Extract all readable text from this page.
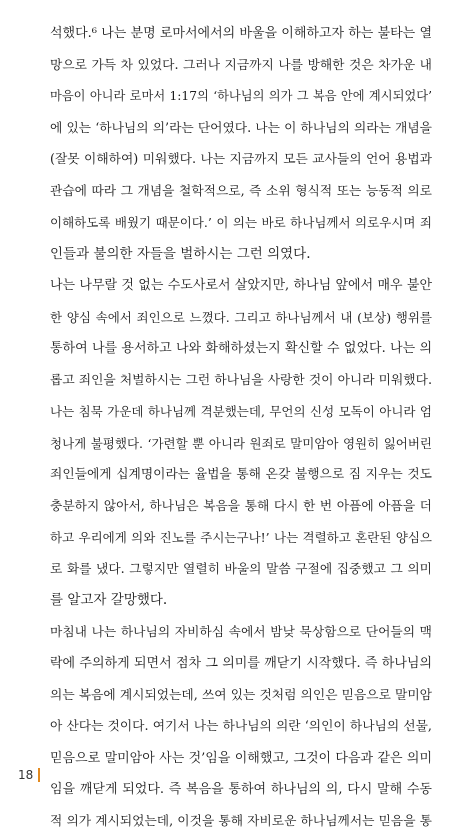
석했다.⁶ 나는 분명 로마서에서의 바울을 이해하고자 하는 불타는 열
망으로 가득 차 있었다. 그러나 지금까지 나를 방해한 것은 차가운 내
마음이 아니라 로마서 1:17의 ‘하나님의 의가 그 복음 안에 계시되었다’
에 있는 ‘하나님의 의’라는 단어였다. 나는 이 하나님의 의라는 개념을
(잘못 이해하여) 미워했다. 나는 지금까지 모든 교사들의 언어 용법과
관습에 따라 그 개념을 철학적으로, 즉 소위 형식적 또는 능동적 의로
이해하도록 배웠기 때문이다.’ 이 의는 바로 하나님께서 의로우시며 죄
인들과 불의한 자들을 벌하시는 그런 의였다.
나는 나무랄 것 없는 수도사로서 살았지만, 하나님 앞에서 매우 불안
한 양심 속에서 죄인으로 느꼈다. 그리고 하나님께서 내 (보상) 행위를
통하여 나를 용서하고 나와 화해하셨는지 확신할 수 없었다. 나는 의
롭고 죄인을 처벌하시는 그런 하나님을 사랑한 것이 아니라 미워했다.
나는 침묵 가운데 하나님께 격분했는데, 무언의 신성 모독이 아니라 엄
청나게 불평했다. ‘가련할 뿐 아니라 원죄로 말미암아 영원히 잃어버린
죄인들에게 십계명이라는 율법을 통해 온갖 불행으로 짐 지우는 것도
충분하지 않아서, 하나님은 복음을 통해 다시 한 번 아픔에 아픔을 더
하고 우리에게 의와 진노를 주시는구나!’ 나는 격렬하고 혼란된 양심으
로 화를 냈다. 그렇지만 열렬히 바울의 말씀 구절에 집중했고 그 의미
를 알고자 갈망했다.
마침내 나는 하나님의 자비하심 속에서 밤낮 묵상함으로 단어들의 맥
락에 주의하게 되면서 점차 그 의미를 깨닫기 시작했다. 즉 하나님의
의는 복음에 계시되었는데, 쓰여 있는 것처럼 의인은 믿음으로 말미암
아 산다는 것이다. 여기서 나는 하나님의 의란 ‘의인이 하나님의 선물,
믿음으로 말미암아 사는 것’임을 이해했고, 그것이 다음과 같은 의미
임을 깨닫게 되었다. 즉 복음을 통하여 하나님의 의, 다시 말해 수동
적 의가 계시되었는데, 이것을 통해 자비로운 하나님께서는 믿음을 통
18
